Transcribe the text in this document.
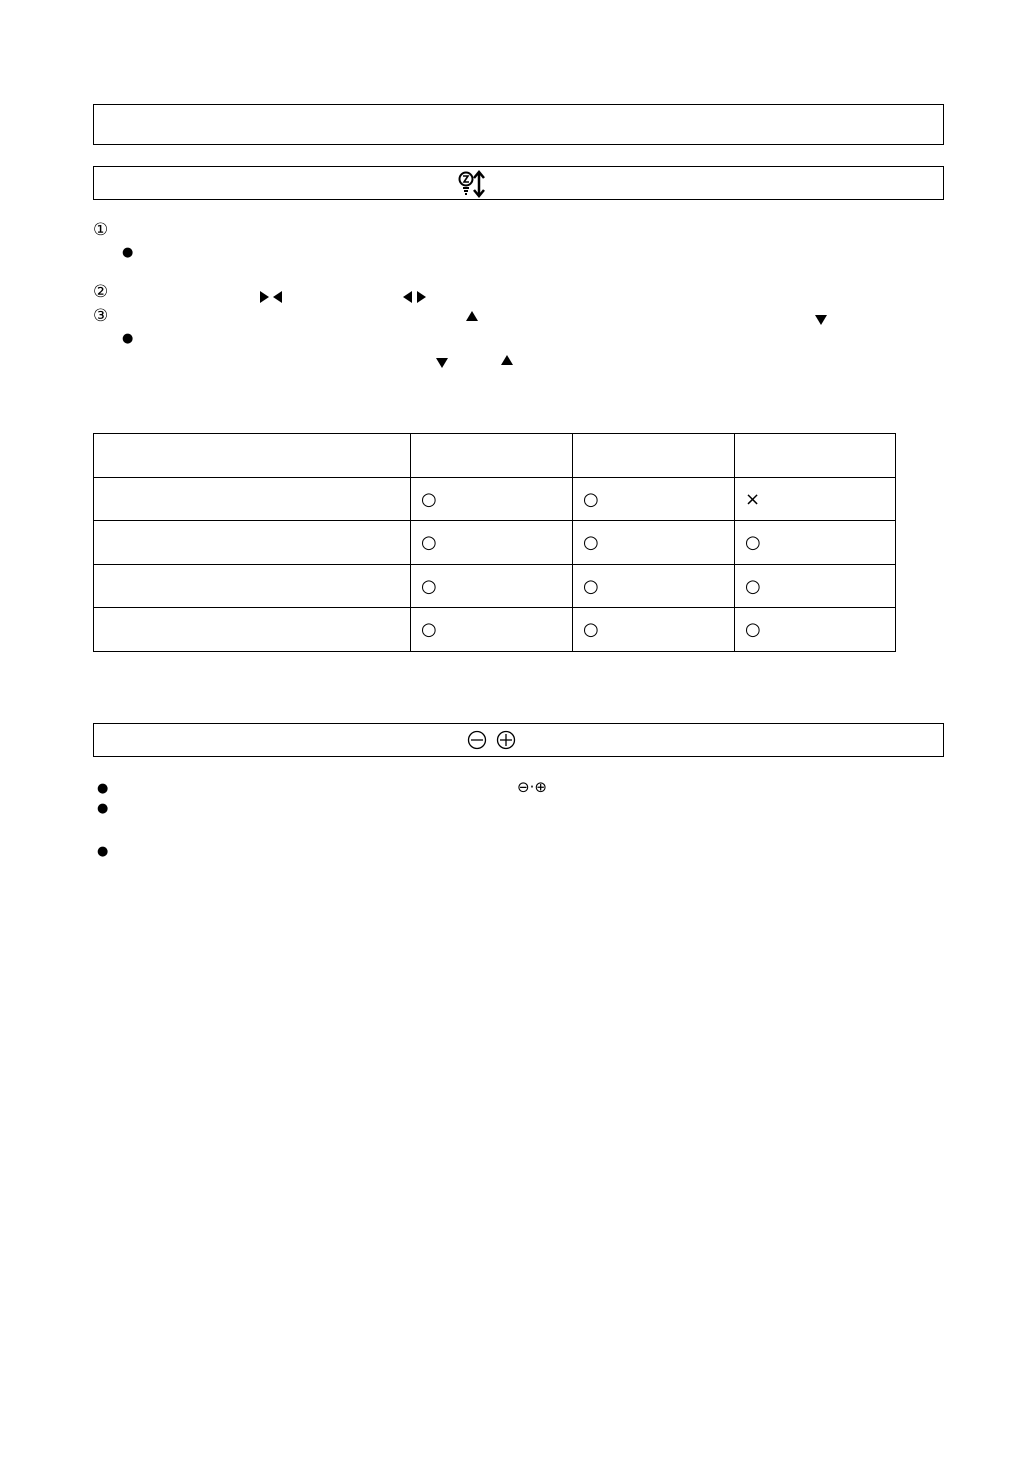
①
●
②
③
●

	○	○	×
	○	○	○
	○	○	○
	○	○	○
●	⊖·⊕
●
●
